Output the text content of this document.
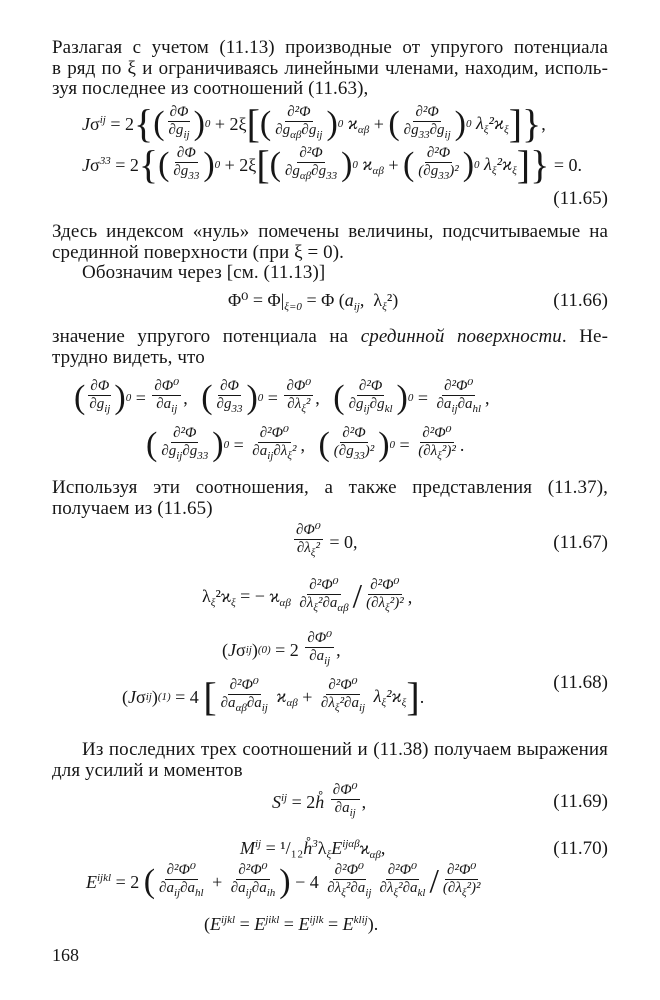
Разлагая с учетом (11.13) производные от упругого потенциала
в ряд по ξ и ограничиваясь линейными членами, находим, исполь-
зуя последнее из соотношений (11.63),
$J\sigma^{ij} = 2$ { ( $\frac{\partial\Phi}{\partial g_{ij}}$ ) 0 + 2ξ [ ( $\frac{\text{∂²Φ}}{\partial g_{\alpha\beta}\partial g_{ij}}$ ) 0 $ϰ_{\alpha\beta}$ + ( $\frac{\text{∂²Φ}}{\partial g_{33}\partial g_{ij}}$ ) 0 $\lambda_\xi^2ϰ_\xi$ ] } ,
$J\sigma^{33} = 2$ { ( $\frac{\partial\Phi}{\partial g_{33}}$ ) 0 + 2ξ [ ( $\frac{\text{∂²Φ}}{\partial g_{\alpha\beta}\partial g_{33}}$ ) 0 $ϰ_{\alpha\beta}$ + ( $\frac{\text{∂²Φ}}{(\partial g_{33})^2}$ ) 0 $\lambda_\xi^2ϰ_\xi$ ] } = 0.
(11.65)
Здесь индексом «нуль» помечены величины, подсчитываемые на
срединной поверхности (при ξ = 0).
Обозначим через [см. (11.13)]
$\Phi^0 = \Phi|_{\xi=0} = \Phi$ ($a_{ij}$,  $\lambda_\xi^2$)	(11.66)
значение упругого потенциала на срединной поверхности. Не-
трудно видеть, что
( $\frac{\partial\Phi}{\partial g_{ij}}$ ) $0 = \frac{\text{∂Φ⁰}}{\partial a_{ij}}$ , ( $\frac{\partial\Phi}{\partial g_{33}}$ ) $0 = \frac{\text{∂Φ⁰}}{\partial\lambda_\xi^2}$ , ( $\frac{\text{∂²Φ}}{\partial g_{ij}\partial g_{kl}}$ ) $0 = \frac{\text{∂²Φ⁰}}{\partial a_{ij}\partial a_{hl}}$ ,
( $\frac{\text{∂²Φ}}{\partial g_{ij}\partial g_{33}}$ ) $0 = \frac{\text{∂²Φ⁰}}{\partial a_{ij}\partial\lambda_\xi^2}$ , ( $\frac{\text{∂²Φ}}{(\partial g_{33})^2}$ ) $0 = \frac{\text{∂²Φ⁰}}{(\partial\lambda_\xi^2)^2}$ .
Используя эти соотношения, а также представления (11.37),
получаем из (11.65)
$\frac{\text{∂Φ⁰}}{\partial\lambda_\xi^2} = 0$,	(11.67)
$\lambda_\xi^2ϰ_\xi$ = − $ϰ_{\alpha\beta} \frac{\text{∂²Φ⁰}}{\partial\lambda_\xi^2\partial a_{\alpha\beta}} / \frac{\text{∂²Φ⁰}}{(\partial\lambda_\xi^2)^2}$ ,
( J σ ij ) $(0) = 2 \frac{\text{∂Φ⁰}}{\partial a_{ij}}$ ,
( J σ ij ) (1) = 4 [ $\frac{\text{∂²Φ⁰}}{\partial a_{\alpha\beta}\partial a_{ij}} ϰ_{\alpha\beta} + \frac{\text{∂²Φ⁰}}{\partial\lambda_\xi^2\partial a_{ij}} \lambda_\xi^2ϰ_\xi$ ] .
(11.68)
Из последних трех соотношений и (11.38) получаем выражения
для усилий и моментов
$S^{ij}$ = 2h̊ $\frac{\text{∂Φ⁰}}{\partial a_{ij}}$ ,	(11.69)
$M^{ij}$ = $^1/_{12}h̊^3\lambda_\xi E^{ij\alpha\beta}ϰ_{\alpha\beta}$,	(11.70)
$E^{ijkl} = 2$ ( $\frac{\text{∂²Φ⁰}}{\partial a_{ij}\partial a_{hl}} + \frac{\text{∂²Φ⁰}}{\partial a_{ij}\partial a_{ih}}$ ) − $4 \frac{\text{∂²Φ⁰}}{\partial\lambda_\xi^2\partial a_{ij}} \frac{\text{∂²Φ⁰}}{\partial\lambda_\xi^2\partial a_{kl}} / \frac{\text{∂²Φ⁰}}{(\partial\lambda_\xi^2)^2}$
$(E^{ijkl} = E^{jikl} = E^{ijlk} = E^{klij})$.
168
